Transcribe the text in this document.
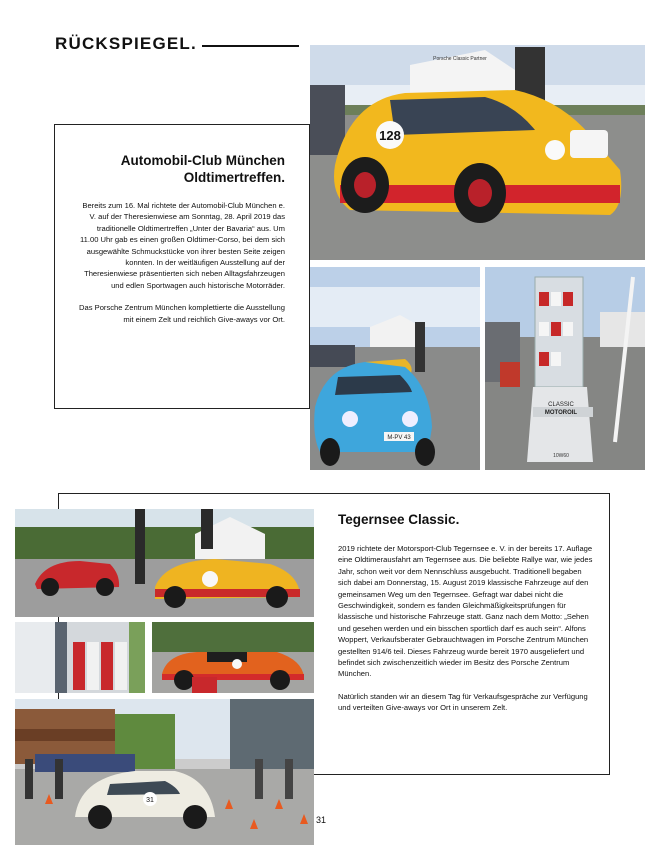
RÜCKSPIEGEL.
Automobil-Club München
Oldtimertreffen.

Bereits zum 16. Mal richtete der Automobil-Club München e. V. auf der Theresienwiese am Sonntag, 28. April 2019 das traditionelle Oldtimertreffen „Unter der Bavaria“ aus. Um 11.00 Uhr gab es einen großen Oldtimer-Corso, bei dem sich ausgewählte Schmuckstücke von ihrer besten Seite zeigen konnten. In der weitläufigen Ausstellung auf der Theresienwiese präsentierten sich neben Alltagsfahrzeugen und edlen Sportwagen auch historische Motorräder.

Das Porsche Zentrum München komplettierte die Ausstellung mit einem Zelt und reichlich Give-aways vor Ort.

128
Porsche Classic Partner
M-PV 43
CLASSIC
MOTOROIL
10W60
31
Tegernsee Classic.

2019 richtete der Motorsport-Club Tegernsee e. V. in der bereits 17. Auflage eine Oldtimerausfahrt am Tegernsee aus. Die beliebte Rallye war, wie jedes Jahr, schon weit vor dem Nennschluss ausgebucht. Traditionell begaben sich dabei am Donnerstag, 15. August 2019 klassische Fahrzeuge auf den gemeinsamen Weg um den Tegernsee. Gefragt war dabei nicht die Geschwindigkeit, sondern es fanden Gleichmäßigkeitsprüfungen für klassische und historische Fahrzeuge statt. Ganz nach dem Motto: „Sehen und gesehen werden und ein bisschen sportlich darf es auch sein“. Alfons Woppert, Verkaufsberater Gebrauchtwagen im Porsche Zentrum München gestellten 914/6 teil. Dieses Fahrzeug wurde bereit 1970 ausgeliefert und befindet sich zwischenzeitlich wieder im Besitz des Porsche Zentrum München.

Natürlich standen wir an diesem Tag für Verkaufsgespräche zur Verfügung und verteilten Give-aways vor Ort in unserem Zelt.

31
